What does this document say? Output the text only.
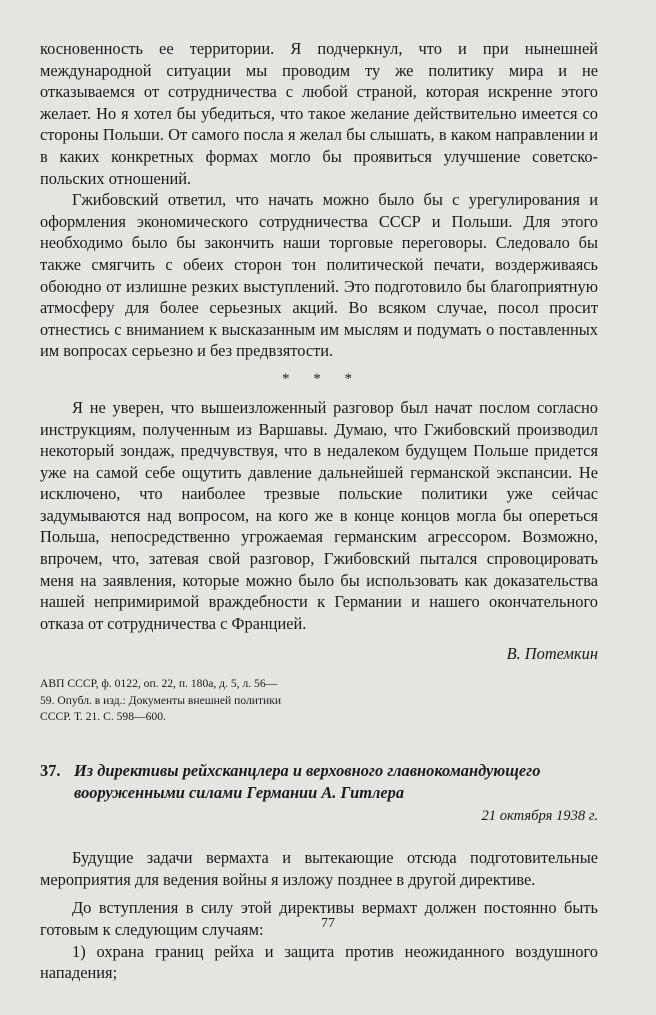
косновенность ее территории. Я подчеркнул, что и при нынешней международной ситуации мы проводим ту же политику мира и не отказываемся от сотрудничества с любой страной, которая искренне этого желает. Но я хотел бы убедиться, что такое желание действительно имеется со стороны Польши. От самого посла я желал бы слышать, в каком направлении и в каких конкретных формах могло бы проявиться улучшение советско-польских отношений.

Гжибовский ответил, что начать можно было бы с урегулирования и оформления экономического сотрудничества СССР и Польши. Для этого необходимо было бы закончить наши торговые переговоры. Следовало бы также смягчить с обеих сторон тон политической печати, воздерживаясь обоюдно от излишне резких выступлений. Это подготовило бы благоприятную атмосферу для более серьезных акций. Во всяком случае, посол просит отнестись с вниманием к высказанным им мыслям и подумать о поставленных им вопросах серьезно и без предвзятости.

* * *

Я не уверен, что вышеизложенный разговор был начат послом согласно инструкциям, полученным из Варшавы. Думаю, что Гжибовский производил некоторый зондаж, предчувствуя, что в недалеком будущем Польше придется уже на самой себе ощутить давление дальнейшей германской экспансии. Не исключено, что наиболее трезвые польские политики уже сейчас задумываются над вопросом, на кого же в конце концов могла бы опереться Польша, непосредственно угрожаемая германским агрессором. Возможно, впрочем, что, затевая свой разговор, Гжибовский пытался спровоцировать меня на заявления, которые можно было бы использовать как доказательства нашей непримиримой враждебности к Германии и нашего окончательного отказа от сотрудничества с Францией.

В. Потемкин
АВП СССР, ф. 0122, оп. 22, п. 180а, д. 5, л. 56—59. Опубл. в изд.: Документы внешней политики СССР. Т. 21. С. 598—600.
37. Из директивы рейхсканцлера и верховного главнокомандующего вооруженными силами Германии А. Гитлера
21 октября 1938 г.

Будущие задачи вермахта и вытекающие отсюда подготовительные мероприятия для ведения войны я изложу позднее в другой директиве.

До вступления в силу этой директивы вермахт должен постоянно быть готовым к следующим случаям:

1) охрана границ рейха и защита против неожиданного воздушного нападения;

77
